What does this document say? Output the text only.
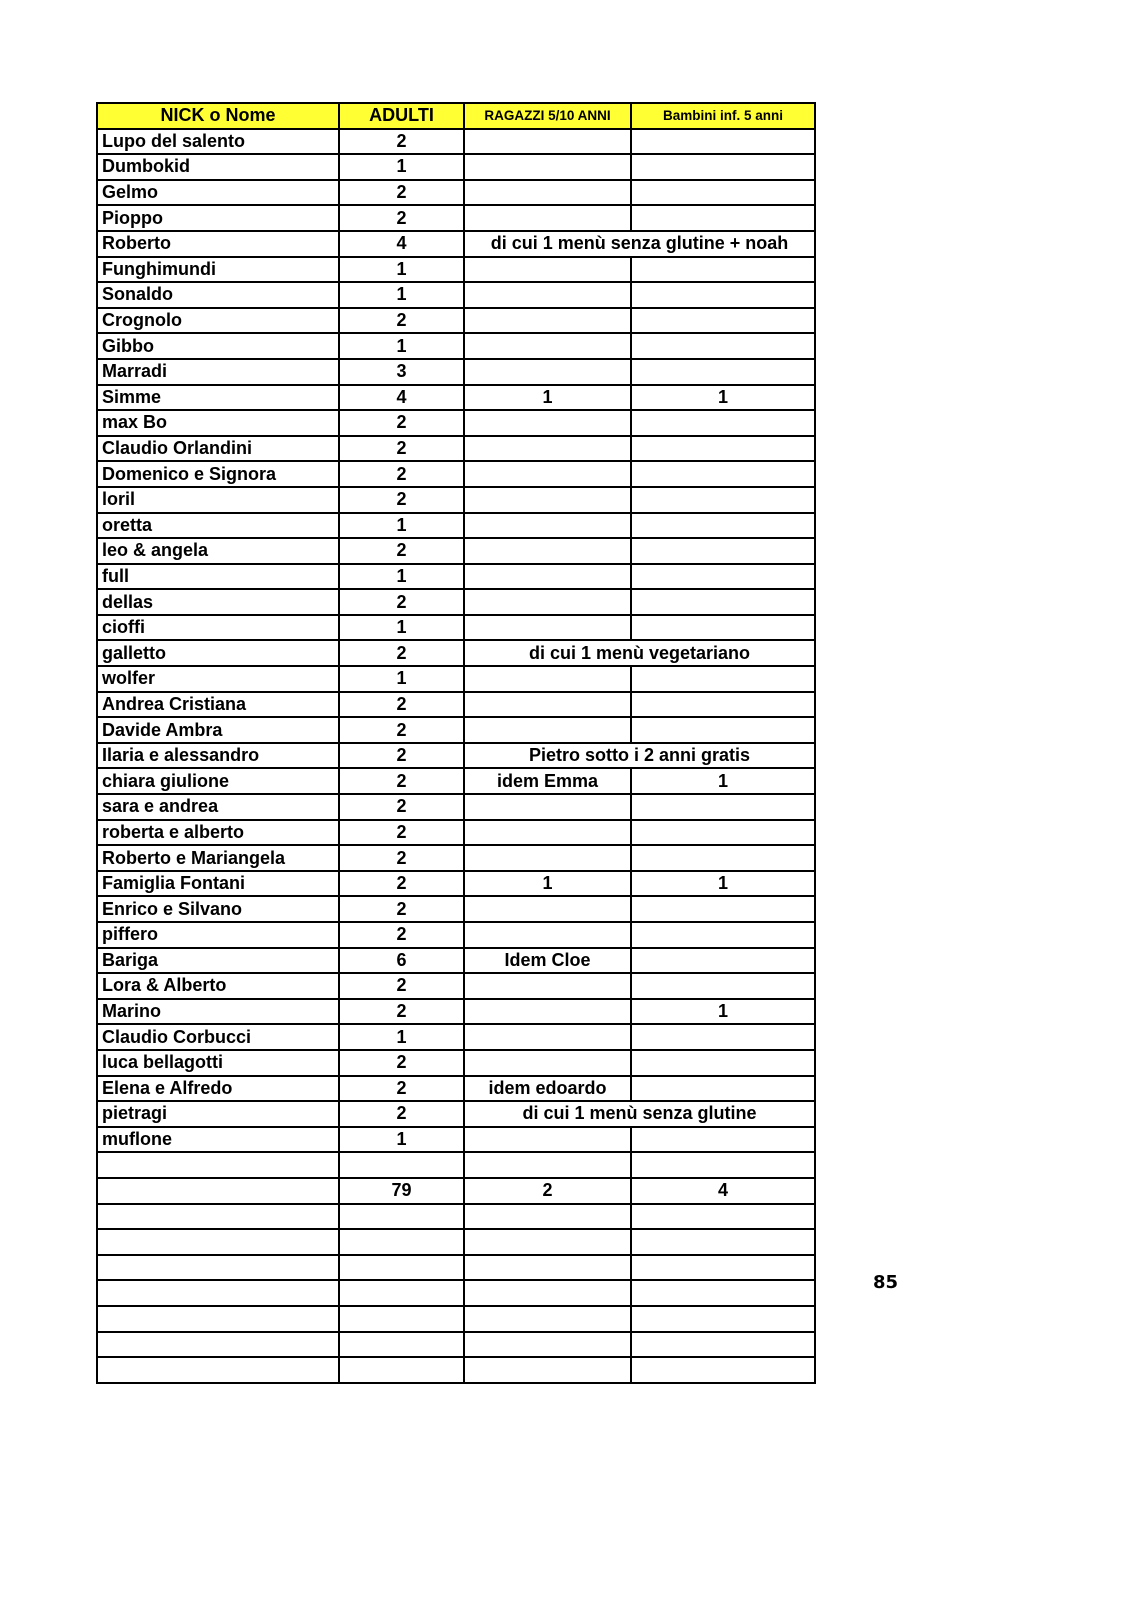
NICK o Nome	ADULTI	RAGAZZI 5/10 ANNI	Bambini inf. 5 anni
Lupo del salento	2		
Dumbokid	1		
Gelmo	2		
Pioppo	2		
Roberto	4	di cui 1 menù senza glutine + noah	
Funghimundi	1		
Sonaldo	1		
Crognolo	2		
Gibbo	1		
Marradi	3		
Simme	4	1	1
max Bo	2		
Claudio Orlandini	2		
Domenico e Signora	2		
loril	2		
oretta	1		
leo & angela	2		
full	1		
dellas	2		
cioffi	1		
galletto	2	di cui 1 menù vegetariano	
wolfer	1		
Andrea Cristiana	2		
Davide Ambra	2		
Ilaria e alessandro	2	Pietro sotto i 2 anni gratis	
chiara giulione	2	idem Emma	1
sara e andrea	2		
roberta e alberto	2		
Roberto e Mariangela	2		
Famiglia Fontani	2	1	1
Enrico e Silvano	2		
piffero	2		
Bariga	6	Idem Cloe	
Lora & Alberto	2		
Marino	2		1
Claudio Corbucci	1		
luca bellagotti	2		
Elena e Alfredo	2	idem edoardo	
pietragi	2	di cui 1 menù senza glutine	
muflone	1		

	79	2	4

85
